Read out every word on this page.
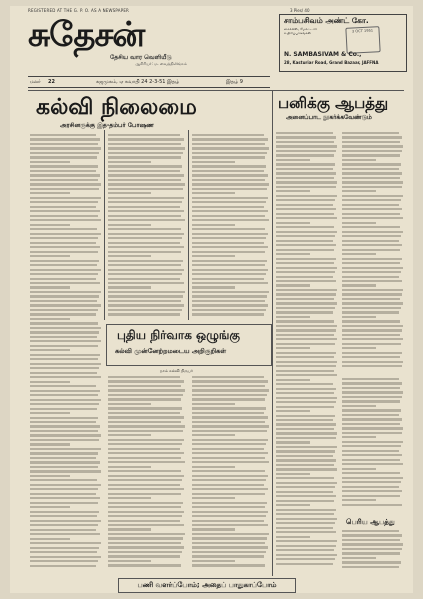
REGISTERED AT THE G. P. O. AS A NEWSPAPER	3 Pies/ 40
சுதேசன்
தேசிய வார வெளியீடு
ஆசிரியர்: ம. வைத்திலிங்கம்
சாம்பசிவம் அண்ட் கோ.
சைக்கிள், மோட்டார் உதிரிப்பாகங்கள்	3 OCT 1951
N. SAMBASIVAM & Co.,
28, Kasturiar Road, Grand Bazaar, JAFFNA
மலர் 22	கஜமுகம், ஏ சுவாதி 24 2-3-51 இதழ்	இதழ் 9
கல்வி நிலைமை
அரசினருக்கு இத-தம்பர் போஷண
பனிக்கு ஆபத்து
அனைப்பாட நூகர்க்கவேண்டும்
புதிய நிர்வாக ஒழுங்கு
கல்வி முன்னேற்றமடைய அறிகுறிகள்
நாம் கல்வி நிருபர்
பெரிய ஆபத்து
பணி வளர்ப்போம்; அதைப் பாதுகாப்போம்
